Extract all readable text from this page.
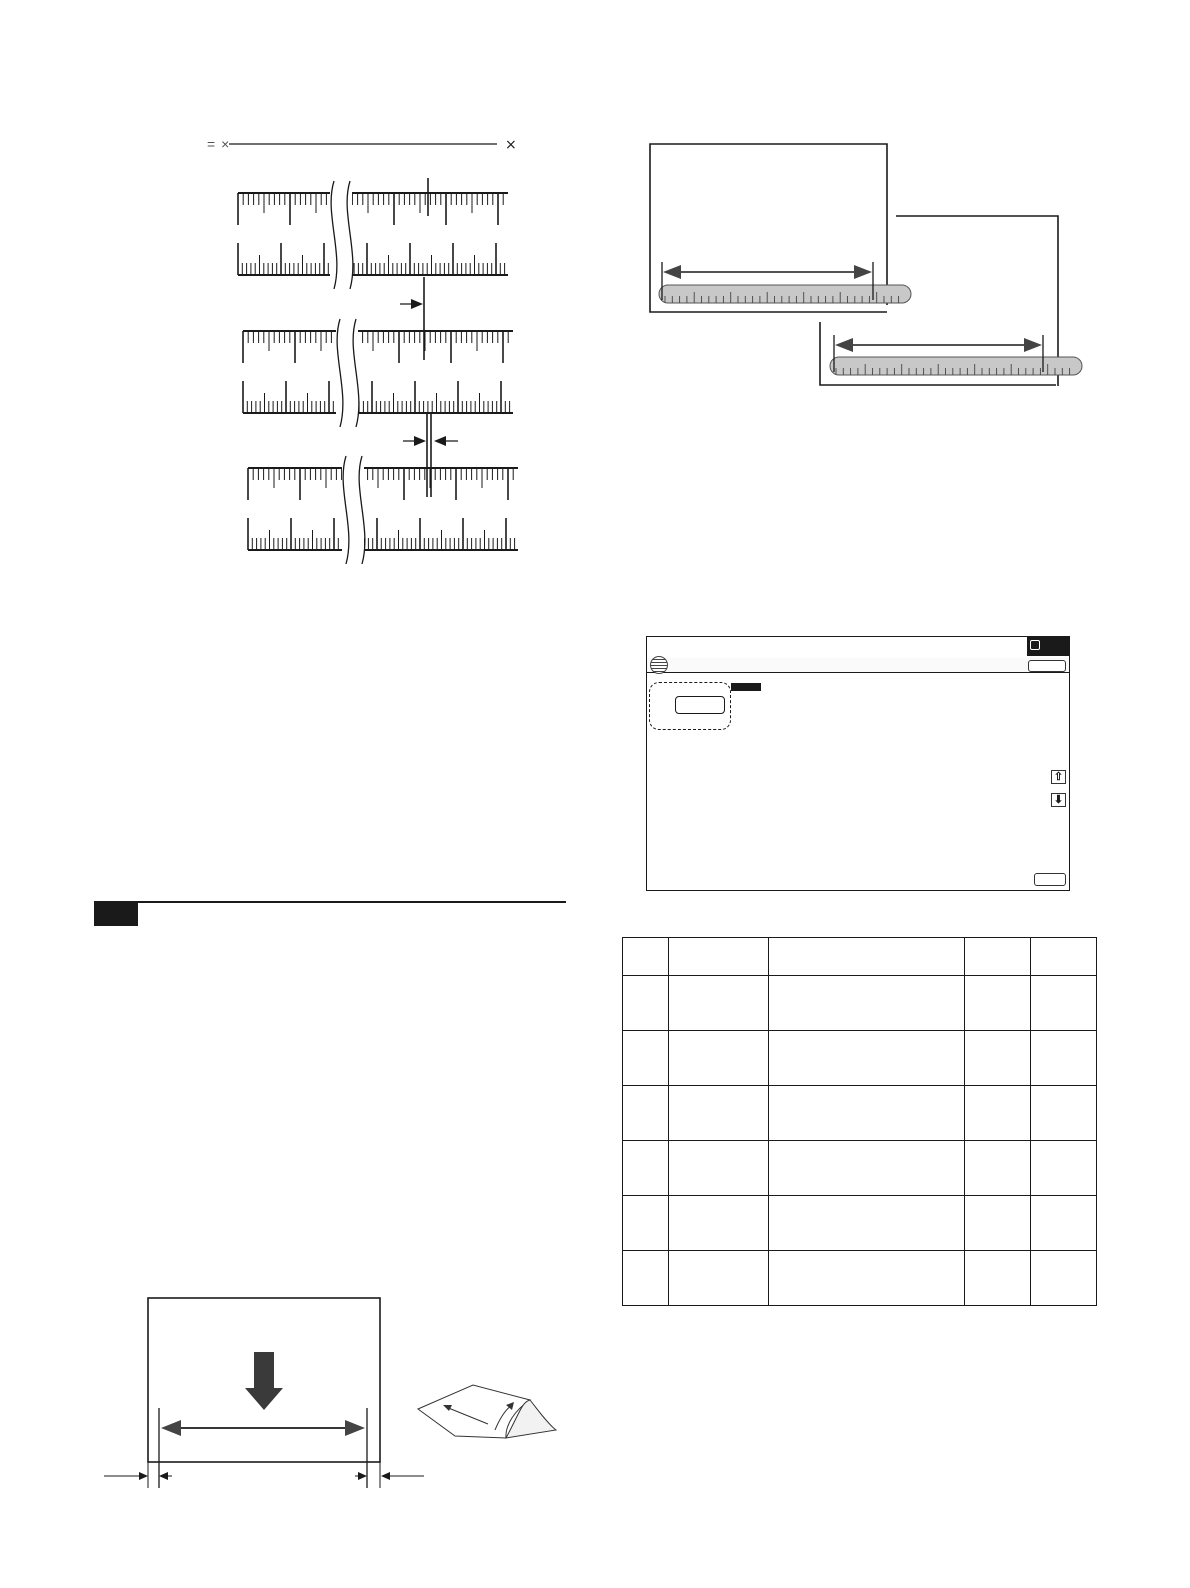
= ×	×
⇧
⬇
